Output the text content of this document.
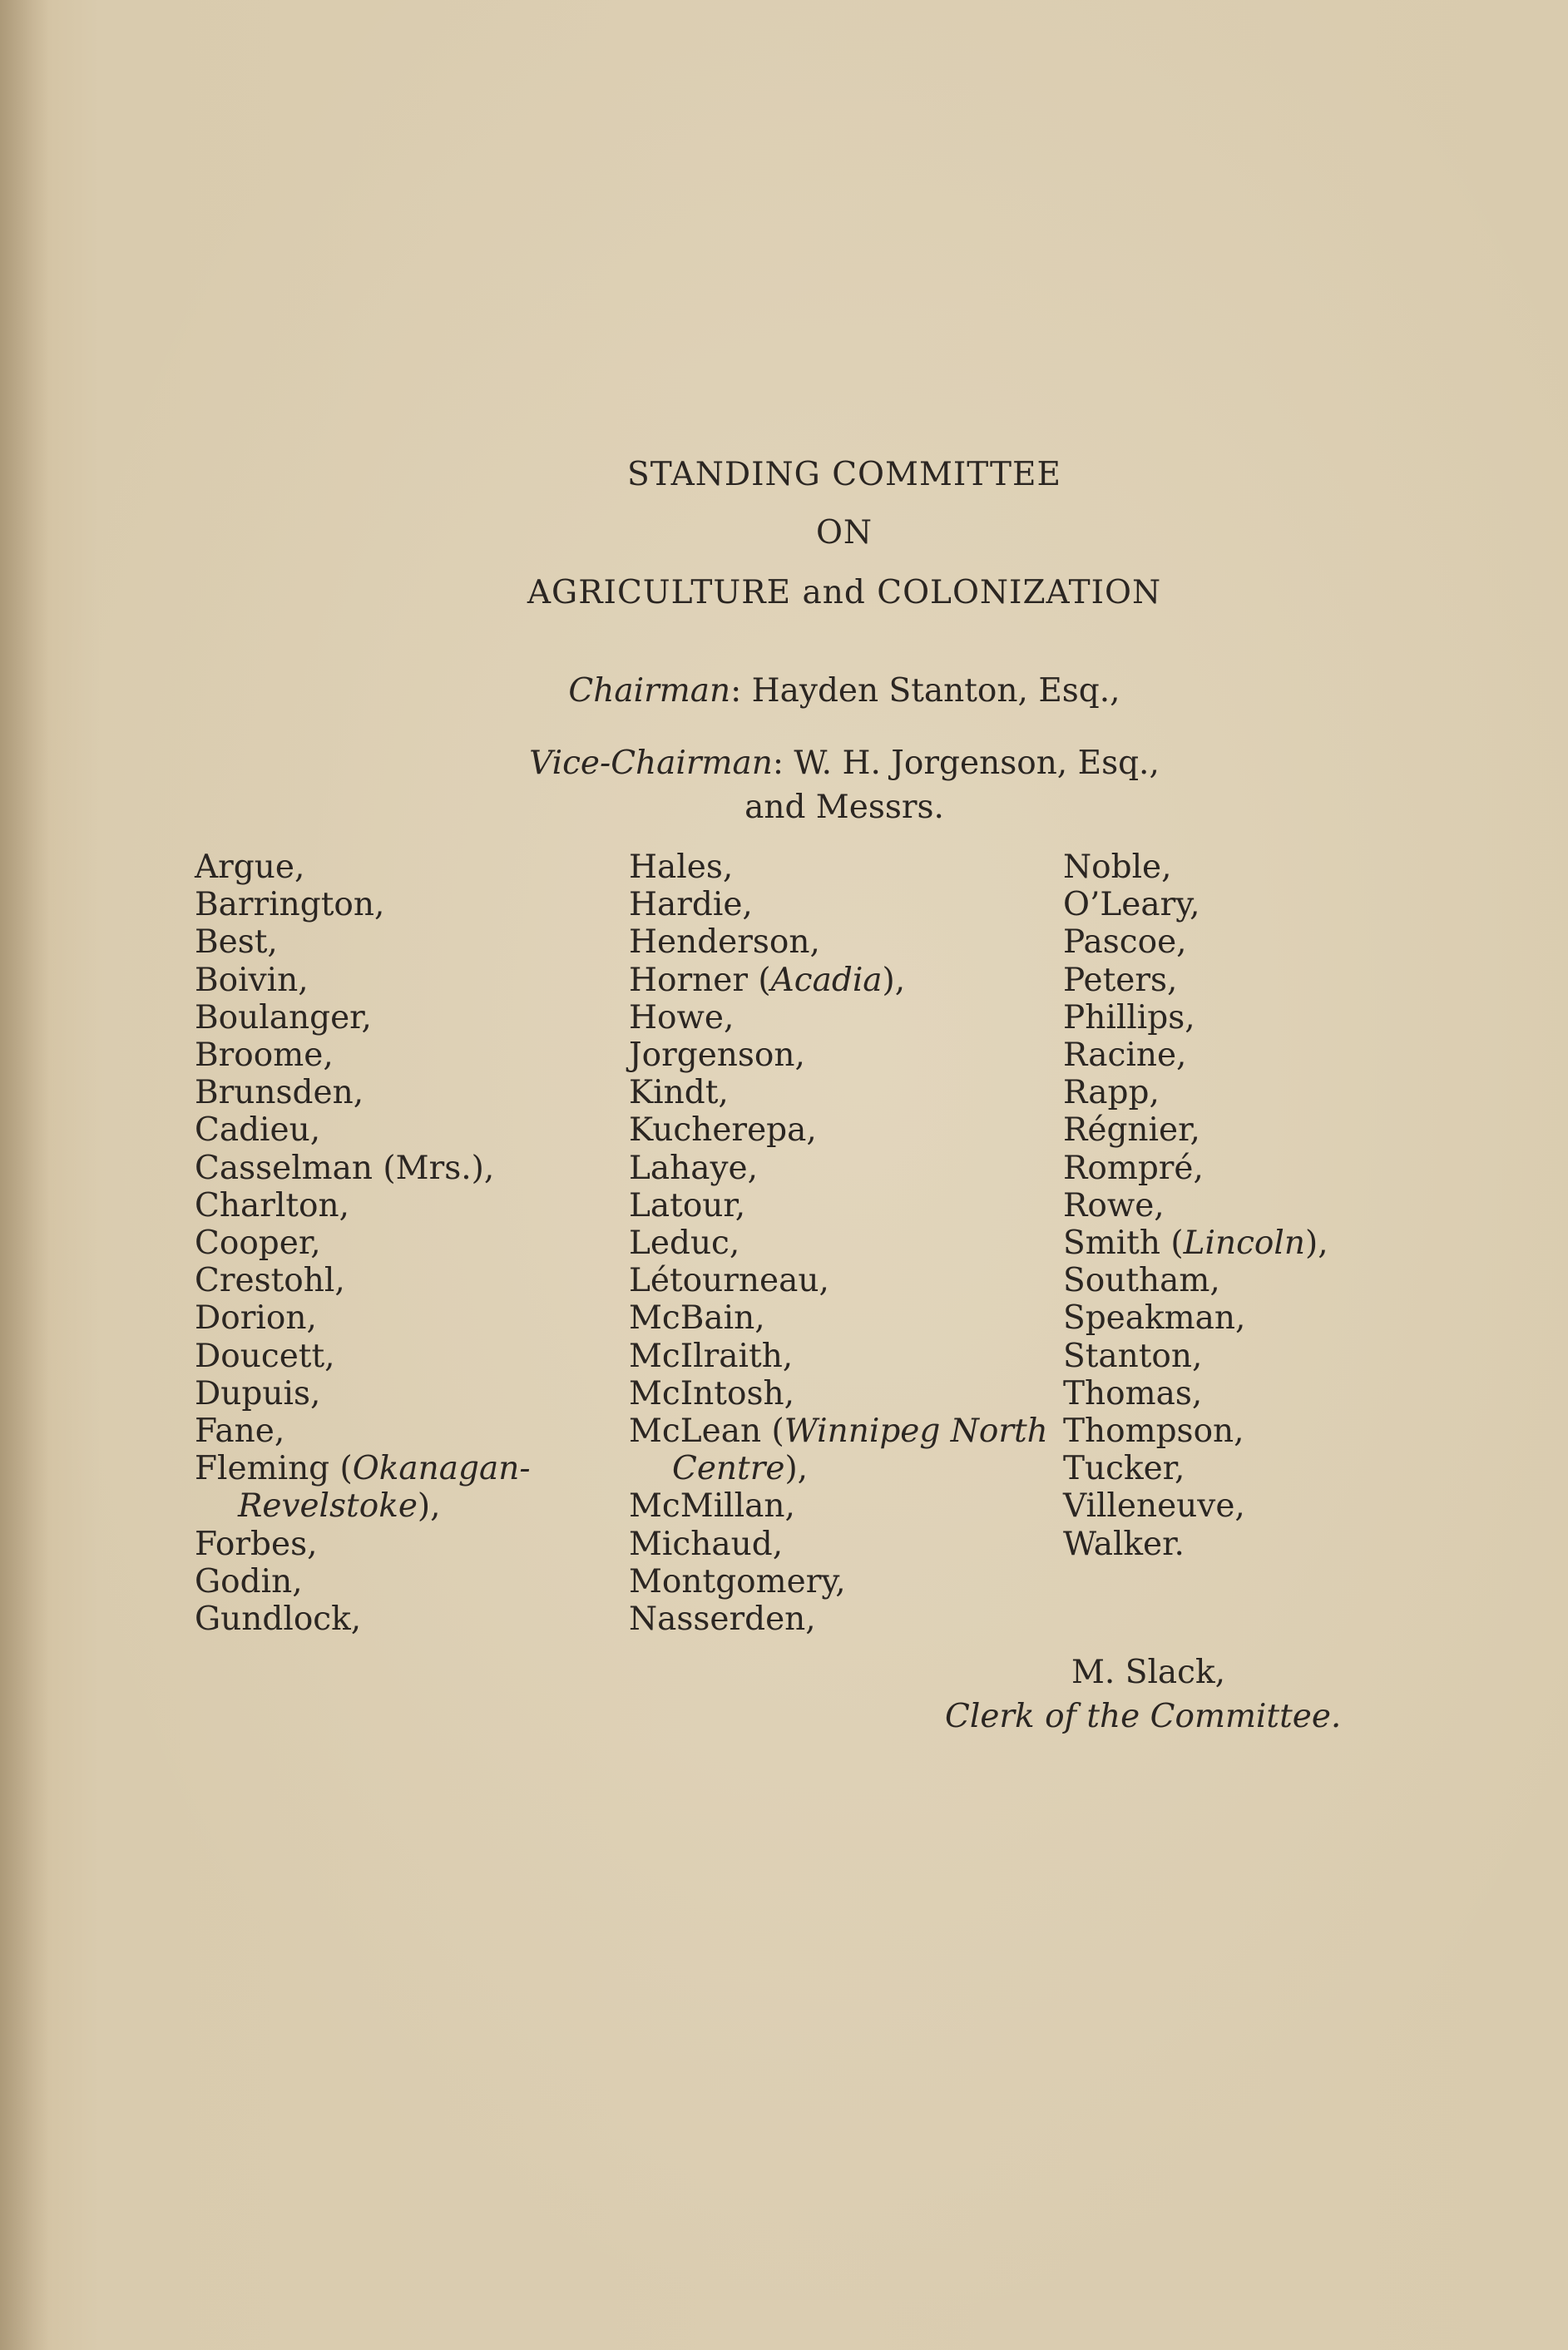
STANDING COMMITTEE
ON
AGRICULTURE and COLONIZATION
Chairman: Hayden Stanton, Esq.,
Vice-Chairman: W. H. Jorgenson, Esq.,
and Messrs.
Argue,
Barrington,
Best,
Boivin,
Boulanger,
Broome,
Brunsden,
Cadieu,
Casselman (Mrs.),
Charlton,
Cooper,
Crestohl,
Dorion,
Doucett,
Dupuis,
Fane,
Fleming (Okanagan-
Revelstoke),
Forbes,
Godin,
Gundlock,
Hales,
Hardie,
Henderson,
Horner (Acadia),
Howe,
Jorgenson,
Kindt,
Kucherepa,
Lahaye,
Latour,
Leduc,
Létourneau,
McBain,
McIlraith,
McIntosh,
McLean (Winnipeg North
Centre),
McMillan,
Michaud,
Montgomery,
Nasserden,
Noble,
O’Leary,
Pascoe,
Peters,
Phillips,
Racine,
Rapp,
Régnier,
Rompré,
Rowe,
Smith (Lincoln),
Southam,
Speakman,
Stanton,
Thomas,
Thompson,
Tucker,
Villeneuve,
Walker.
M. Slack,
Clerk of the Committee.
